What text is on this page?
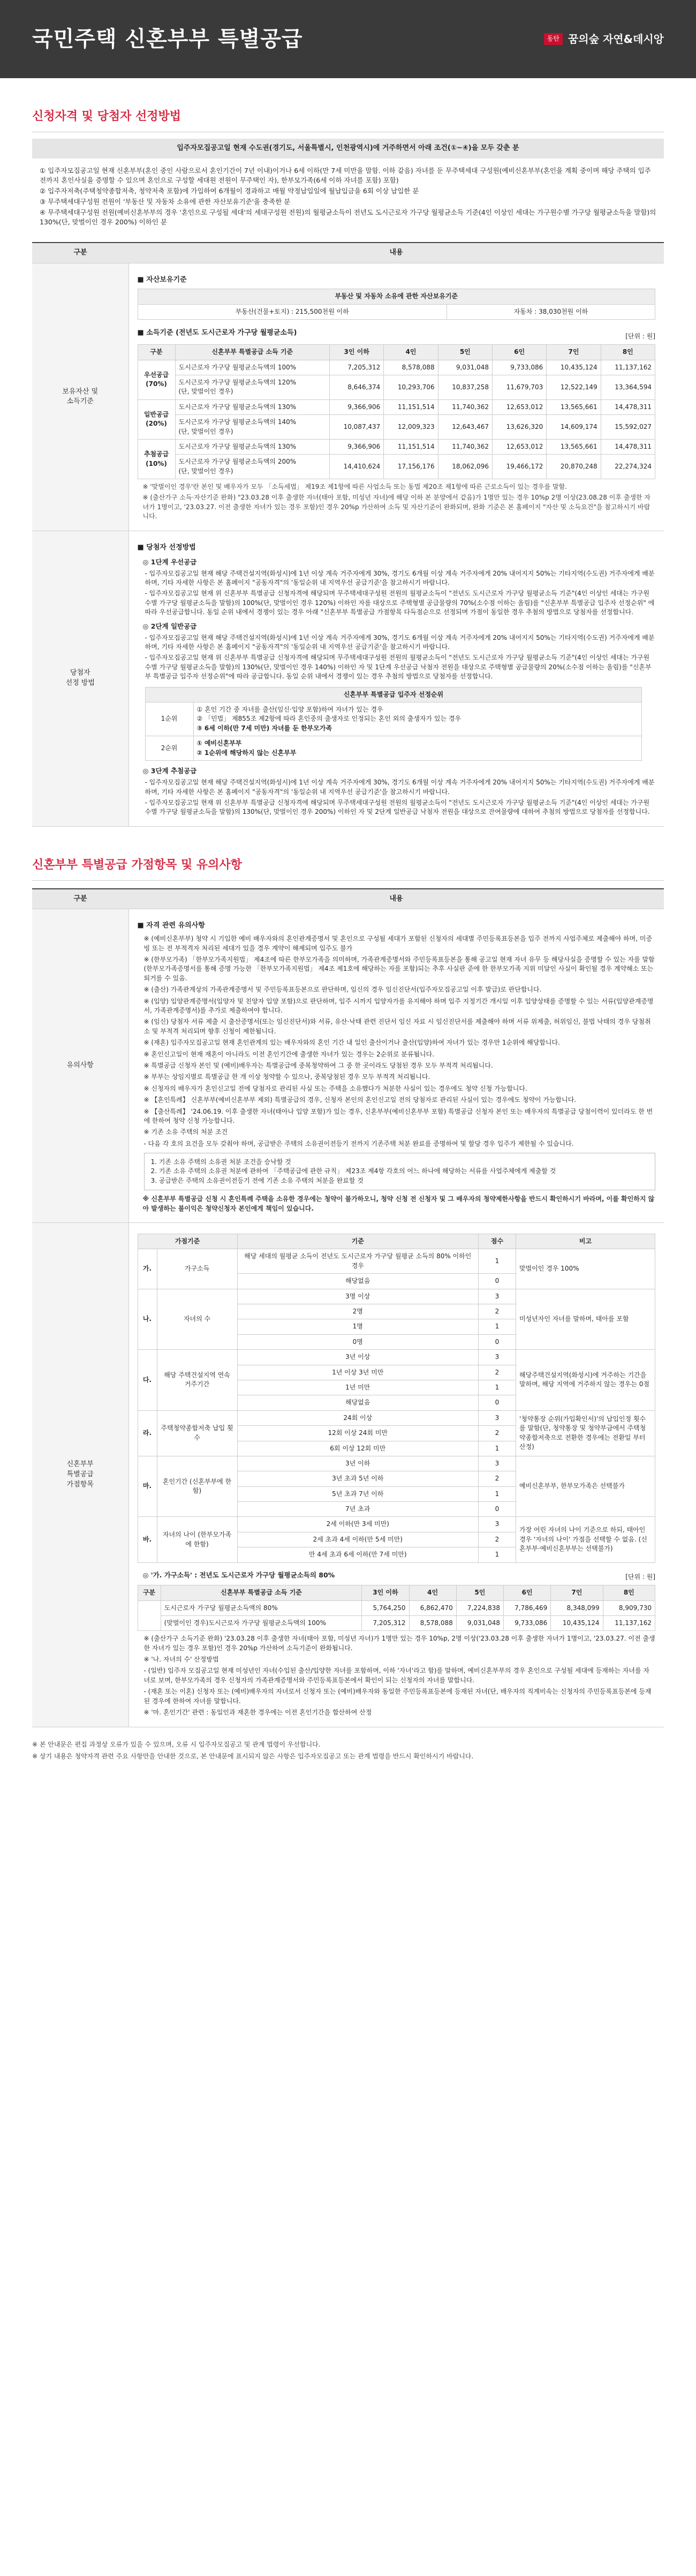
국민주택 신혼부부 특별공급	동탄 꿈의숲 자연&데시앙
신청자격 및 당첨자 선정방법
입주자모집공고일 현재 수도권(경기도, 서울특별시, 인천광역시)에 거주하면서 아래 조건(①~④)을 모두 갖춘 분

① 입주자모집공고일 현재 신혼부부(혼인 중인 사람으로서 혼인기간이 7년 이내)이거나 6세 이하(만 7세 미만을 말함. 이하 같음) 자녀를 둔 무주택세대 구성원(예비신혼부부(혼인을 계획 중이며 해당 주택의 입주 전까지 혼인사실을 증명할 수 있으며 혼인으로 구성할 세대원 전원이 무주택인 자), 한부모가족(6세 이하 자녀를 포함) 포함)

② 입주자저축(주택청약종합저축, 청약저축 포함)에 가입하여 6개월이 경과하고 매월 약정납입일에 월납입금을 6회 이상 납입한 분

③ 무주택세대구성원 전원이 '부동산 및 자동차 소유에 관한 자산보유기준'을 충족한 분

④ 무주택세대구성원 전원(예비신혼부부의 경우 '혼인으로 구성될 세대'의 세대구성원 전원)의 월평균소득이 전년도 도시근로자 가구당 월평균소득 기준(4인 이상인 세대는 가구원수별 가구당 월평균소득을 말함)의 130%(단, 맞벌이인 경우 200%) 이하인 분

구분	내용
보유자산 및
소득기준	
■ 자산보유기준
부동산 및 자동차 소유에 관한 자산보유기준
부동산(건물+토지) : 215,500천원 이하	자동차 : 38,030천원 이하
■ 소득기준 (전년도 도시근로자 가구당 월평균소득)	[단위 : 원]
구분	신혼부부 특별공급 소득 기준	3인 이하	4인	5인	6인	7인	8인
우선공급
(70%)	도시근로자 가구당 월평균소득액의 100%	7,205,312	8,578,088	9,031,048	9,733,086	10,435,124	11,137,162
도시근로자 가구당 월평균소득액의 120%
(단, 맞벌이인 경우)	8,646,374	10,293,706	10,837,258	11,679,703	12,522,149	13,364,594
일반공급
(20%)	도시근로자 가구당 월평균소득액의 130%	9,366,906	11,151,514	11,740,362	12,653,012	13,565,661	14,478,311
도시근로자 가구당 월평균소득액의 140%
(단, 맞벌이인 경우)	10,087,437	12,009,323	12,643,467	13,626,320	14,609,174	15,592,027
추첨공급
(10%)	도시근로자 가구당 월평균소득액의 130%	9,366,906	11,151,514	11,740,362	12,653,012	13,565,661	14,478,311
도시근로자 가구당 월평균소득액의 200%
(단, 맞벌이인 경우)	14,410,624	17,156,176	18,062,096	19,466,172	20,870,248	22,274,324

※ '맞벌이인 경우'란 본인 및 배우자가 모두 「소득세법」 제19조 제1항에 따른 사업소득 또는 동법 제20조 제1항에 따른 근로소득이 있는 경우를 말함.

※ (출산가구 소득·자산기준 완화) "23.03.28 이후 출생한 자녀(태아 포함, 미성년 자녀)에 해당 이하 본 분양에서 같음)가 1명만 있는 경우 10%p 2명 이상(23.08.28 이후 출생한 자녀가 1명이고, '23.03.27. 이전 출생한 자녀가 있는 경우 포함)인 경우 20%p 가산하여 소득 및 자산기준이 완화되며, 완화 기준은 본 홈페이지 "자산 및 소득요건"을 참고하시기 바랍니다.

당첨자
선정 방법	
■ 당첨자 선정방법
◎ 1단계 우선공급

- 입주자모집공고일 현재 해당 주택건설지역(화성시)에 1년 이상 계속 거주자에게 30%, 경기도 6개월 이상 계속 거주자에게 20% 내어지지 50%는 기타지역(수도권) 거주자에게 배분하며, 기타 자세한 사항은 본 홈페이지 "공동자격"의 '동일순위 내 지역우선 공급기준'을 참고하시기 바랍니다.

- 입주자모집공고일 현재 위 신혼부부 특별공급 신청자격에 해당되며 무주택세대구성원 전원의 월평균소득이 "전년도 도시근로자 가구당 월평균소득 기준"(4인 이상인 세대는 가구원수별 가구당 월평균소득을 말함)의 100%(단, 맞벌이인 경우 120%) 이하인 자를 대상으로 주택형별 공급물량의 70%(소수점 이하는 올림)를 "신혼부부 특별공급 입주자 선정순위" 에 따라 우선공급합니다. 동일 순위 내에서 경쟁이 있는 경우 아래 "신혼부부 특별공급 가점항목 다득점순으로 선정되며 가점이 동일한 경우 추첨의 방법으로 당첨자를 선정합니다.

◎ 2단계 일반공급

- 입주자모집공고일 현재 해당 주택건설지역(화성시)에 1년 이상 계속 거주자에게 30%, 경기도 6개월 이상 계속 거주자에게 20% 내어지지 50%는 기타지역(수도권) 거주자에게 배분하며, 기타 자세한 사항은 본 홈페이지 "공동자격"의 '동일순위 내 지역우선 공급기준'을 참고하시기 바랍니다.

- 입주자모집공고일 현재 위 신혼부부 특별공급 신청자격에 해당되며 무주택세대구성원 전원의 월평균소득이 "전년도 도시근로자 가구당 월평균소득 기준"(4인 이상인 세대는 가구원수별 가구당 월평균소득을 말함)의 130%(단, 맞벌이인 경우 140%) 이하인 자 및 1단계 우선공급 낙첨자 전원을 대상으로 주택형별 공급물량의 20%(소수점 이하는 올림)를 "신혼부부 특별공급 입주자 선정순위"에 따라 공급합니다. 동일 순위 내에서 경쟁이 있는 경우 추첨의 방법으로 당첨자를 선정합니다.

신혼부부 특별공급 입주자 선정순위
1순위	
① 혼인 기간 중 자녀를 출산(임신·입양 포함)하여 자녀가 있는 경우
② 「민법」 제855조 제2항에 따라 혼인중의 출생자로 인정되는 혼인 외의 출생자가 있는 경우
③ 6세 이하(만 7세 미만) 자녀를 둔 한부모가족

2순위	
① 예비신혼부부
② 1순위에 해당하지 않는 신혼부부
◎ 3단계 추첨공급

- 입주자모집공고일 현재 해당 주택건설지역(화성시)에 1년 이상 계속 거주자에게 30%, 경기도 6개월 이상 계속 거주자에게 20% 내어지지 50%는 기타지역(수도권) 거주자에게 배분하며, 기타 자세한 사항은 본 홈페이지 "공동자격"의 '동일순위 내 지역우선 공급기준'을 참고하시기 바랍니다.

- 입주자모집공고일 현재 위 신혼부부 특별공급 신청자격에 해당되며 무주택세대구성원 전원의 월평균소득이 "전년도 도시근로자 가구당 월평균소득 기준"(4인 이상인 세대는 가구원수별 가구당 월평균소득을 말함)의 130%(단, 맞벌이인 경우 200%) 이하인 자 및 2단계 일반공급 낙첨자 전원을 대상으로 잔여물량에 대하여 추첨의 방법으로 당첨자를 선정합니다.

신혼부부 특별공급 가점항목 및 유의사항
구분	내용
유의사항	
■ 자격 관련 유의사항

※ (예비신혼부부) 청약 시 기입한 예비 배우자와의 혼인관계증명서 및 혼인으로 구성될 세대가 포함된 신청자의 세대별 주민등록표등본을 입주 전까지 사업주체로 제출해야 하며, 미증빙 또는 전 부적격자 처리된 세대가 있을 경우 계약이 해제되며 입주도 불가

※ (한부모가족) 「한부모가족지원법」 제4조에 따른 한부모가족을 의미하며, 가족관계증명서와 주민등록표등본을 통해 공고일 현재 자녀 유무 등 해당사실을 증명할 수 있는 자를 말함(한부모가족증명서를 통해 증명 가능한 「한부모가족지원법」 제4조 제1호에 해당하는 자를 포함)되는 추후 사실판 준에 한 한부모가족 지위 미달인 사실이 확인될 경우 계약해소 또는 퇴거를 수 있음.

※ (출산) 가족관계상의 가족관계증명서 및 주민등록표등본으로 판단하며, 임신의 경우 임신진단서(입주자모집공고일 이후 발급)로 판단합니다.

※ (입양) 입양관계증명서(입양자 및 친양자 입양 포함)으로 판단하며, 입주 시까지 입양자가를 유지해야 하며 입주 지정기간 개시일 이후 입양상태를 증명할 수 있는 서류(입양관계증명서, 가족관계증명서)를 추가로 제출하여야 합니다.

※ (임신) 당첨자 서류 제출 시 출산증명서(또는 임신진단서)와 서류, 유산·낙태 관련 진단서 임신 자료 시 임신진단서를 제출해야 하며 서류 위제출, 허위임신, 불법 낙태의 경우 당첨취소 및 부적격 처리되며 향후 신청이 제한됩니다.

※ (재혼) 입주자모집공고일 현재 혼인관계의 있는 배우자와의 혼인 기간 내 일인 출산이거나 출산(입양)하여 자녀가 있는 경우만 1순위에 해당합니다.

※ 혼인신고일이 현재 재혼이 아니라도 이전 혼인기간에 출생한 자녀가 있는 경우는 2순위로 분류됩니다.

※ 특별공급 신청자 본인 및 (예비)배우자는 특별공급에 중복청약하여 그 중 한 곳이라도 당첨된 경우 모두 부적격 처리됩니다.

※ 부부는 상임지별로 특별공급 한 개 이상 청약할 수 있으나, 중복당첨된 경우 모두 부적격 처리됩니다.

※ 신청자의 배우자가 혼인신고일 전에 당첨자로 관리된 사실 또는 주택을 소유했다가 처분한 사실이 있는 경우에도 청약 신청 가능합니다.

※ 【혼인특례】 신혼부부(예비신혼부부 제외) 특별공급의 경우, 신청자 본인의 혼인신고일 전의 당첨자로 관리된 사실이 있는 경우에도 청약이 가능합니다.

※ 【출산특례】 '24.06.19. 이후 출생한 자녀(태아나 입양 포함)가 있는 경우, 신혼부부(예비신혼부부 포함) 특별공급 신청자 본인 또는 배우자의 특별공급 당첨이력이 있더라도 한 번에 한하여 청약 신청 가능합니다.

※ 기존 소유 주택의 처분 조건

- 다음 각 호의 요건을 모두 갖춰야 하며, 공급받은 주택의 소유권이전등기 전까지 기존주택 처분 완료를 증명하여 및 할당 경우 입주가 제한될 수 있습니다.

1. 기존 소유 주택의 소유권 처분 조건을 승낙할 것

2. 기존 소유 주택의 소유권 처분에 관하여 「주택공급에 관한 규칙」 제23조 제4항 각호의 어느 하나에 해당하는 서류를 사업주체에게 제출할 것

3. 공급받은 주택의 소유권이전등기 전에 기존 소유 주택의 처분을 완료할 것

※ 신혼부부 특별공급 신청 시 혼인특례 주택을 소유한 경우에는 청약이 불가하오니, 청약 신청 전 신청자 및 그 배우자의 청약제한사항을 반드시 확인하시기 바라며, 이를 확인하지 않아 발생하는 불이익은 청약신청자 본인에게 책임이 있습니다.

신혼부부
특별공급
가점항목	
가점기준	기준	점수	비고
가.	가구소득	해당 세대의 월평균 소득이 전년도 도시근로자 가구당 월평균 소득의 80% 이하인 경우	1	맞벌이인 경우 100%
해당없음	0
나.	자녀의 수	3명 이상	3	미성년자인 자녀를 말하며, 태아를 포함
2명	2
1명	1
0명	0
다.	해당 주택건설지역 연속 거주기간	3년 이상	3	해당주택건설지역(화성시)에 거주하는 기간을 말하며, 해당 지역에 거주하지 않는 경우는 0점
1년 이상 3년 미만	2
1년 미만	1
해당없음	0
라.	주택청약종합저축 납입 횟수	24회 이상	3	'청약통장 순위(가입확인서)'의 납입인정 횟수를 말함(단, 청약통장 및 청약부금에서 주택청약종합저축으로 전환한 경우에는 전환일 부터 산정)
12회 이상 24회 미만	2
6회 이상 12회 미만	1
마.	혼인기간 (신혼부부에 한함)	3년 이하	3	예비신혼부부, 한부모가족은 선택불가
3년 초과 5년 이하	2
5년 초과 7년 이하	1
7년 초과	0
바.	자녀의 나이 (한부모가족에 한함)	2세 이하(만 3세 미만)	3	가장 어린 자녀의 나이 기준으로 하되, 태아인 경우 '자녀의 나이' 가점을 선택할 수 없음. (신혼부부·예비신혼부부는 선택불가)
2세 초과 4세 이하(만 5세 미만)	2
만 4세 초과 6세 이하(만 7세 미만)	1
◎ '가. 가구소득' : 전년도 도시근로자 가구당 월평균소득의 80%	[단위 : 원]
구분	신혼부부 특별공급 소득 기준	3인 이하	4인	5인	6인	7인	8인
	도시근로자 가구당 월평균소득액의 80%	5,764,250	6,862,470	7,224,838	7,786,469	8,348,099	8,909,730
(맞벌이인 경우)도시근로자 가구당 월평균소득액의 100%	7,205,312	8,578,088	9,031,048	9,733,086	10,435,124	11,137,162

※ (출산가구 소득기준 완화) '23.03.28 이후 출생한 자녀(태아 포함, 미성년 자녀)가 1명만 있는 경우 10%p, 2명 이상('23.03.28 이후 출생한 자녀가 1명이고, '23.03.27. 이전 출생한 자녀가 있는 경우 포함)인 경우 20%p 가산하여 소득기준이 완화됩니다.

※ '나. 자녀의 수' 산정방법

- (일반) 입주자 모집공고일 현재 미성년인 자녀(수입된 출산/입양한 자녀를 포함하며, 이하 '자녀'라고 함)를 말하며, 예비신혼부부의 경우 혼인으로 구성될 세대에 등재하는 자녀를 자녀로 보며, 한부모가족의 경우 신청자의 가족관계증명서와 주민등록표등본에서 확인이 되는 신청자의 자녀를 말합니다.

- (재혼 또는 이혼) 신청자 또는 (예비)배우자의 자녀로서 신청자 또는 (예비)배우자와 동일한 주민등록표등본에 등재된 자녀(단, 배우자의 직계비속는 신청자의 주민등록표등본에 등재된 경우에 한하여 자녀를 말합니다.

※ '마. 혼인기간' 관련 : 동일인과 재혼한 경우에는 이전 혼인기간을 합산하여 산정

※ 본 안내문은 편집 과정상 오류가 있을 수 있으며, 오류 시 입주자모집공고 및 관계 법령이 우선합니다.

※ 상기 내용은 청약자격 관련 주요 사항만을 안내한 것으로, 본 안내문에 표시되지 않은 사항은 입주자모집공고 또는 관계 법령을 반드시 확인하시기 바랍니다.
